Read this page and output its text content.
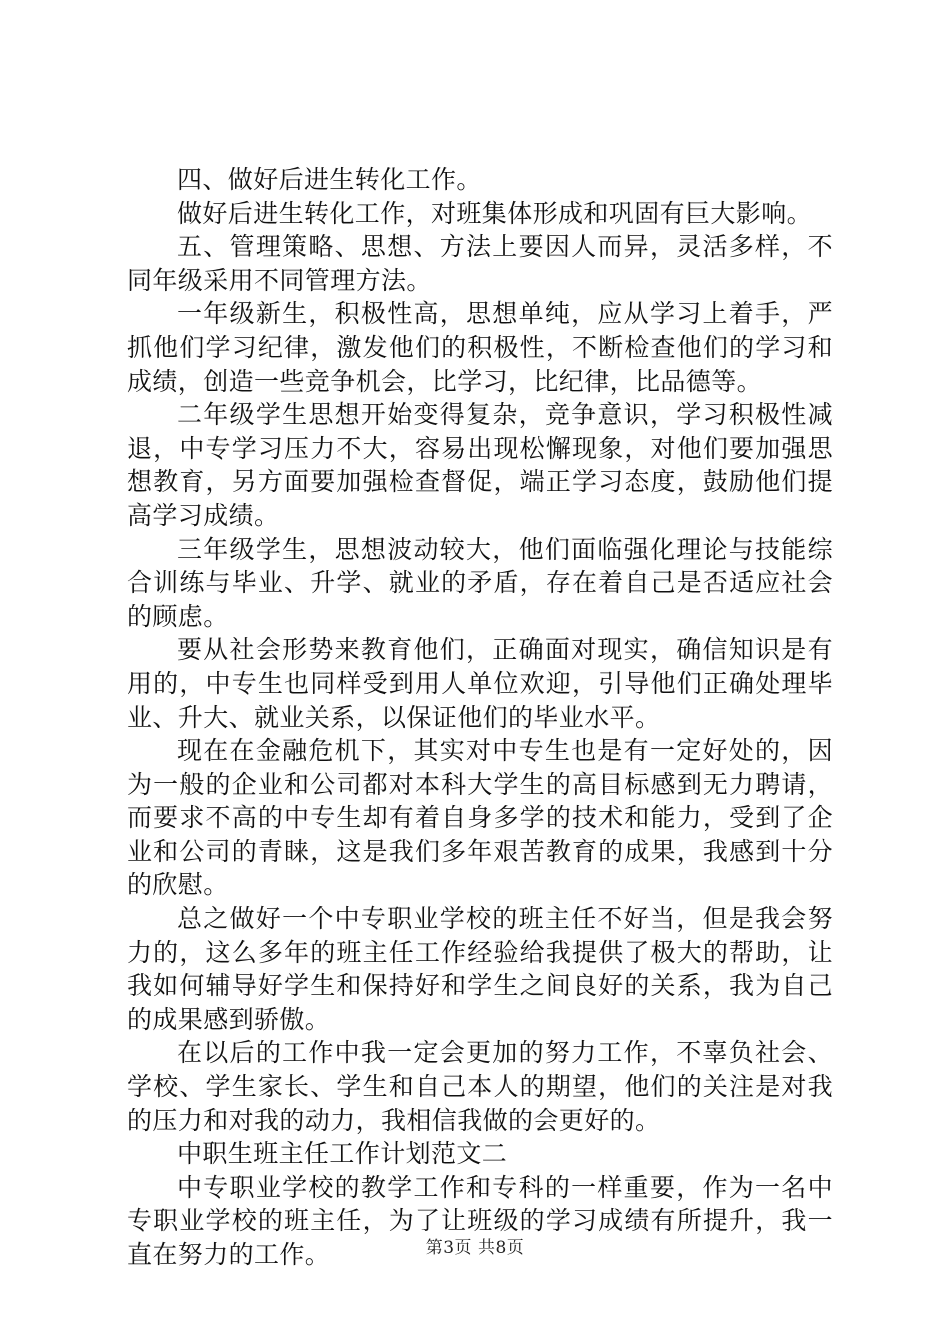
四、做好后进生转化工作。

做好后进生转化工作，对班集体形成和巩固有巨大影响。

五、管理策略、思想、方法上要因人而异，灵活多样，不同年级采用不同管理方法。

一年级新生，积极性高，思想单纯，应从学习上着手，严抓他们学习纪律，激发他们的积极性，不断检查他们的学习和成绩，创造一些竞争机会，比学习，比纪律，比品德等。

二年级学生思想开始变得复杂，竞争意识，学习积极性减退，中专学习压力不大，容易出现松懈现象，对他们要加强思想教育，另方面要加强检查督促，端正学习态度，鼓励他们提高学习成绩。

三年级学生，思想波动较大，他们面临强化理论与技能综合训练与毕业、升学、就业的矛盾，存在着自己是否适应社会的顾虑。

要从社会形势来教育他们，正确面对现实，确信知识是有用的，中专生也同样受到用人单位欢迎，引导他们正确处理毕业、升大、就业关系，以保证他们的毕业水平。

现在在金融危机下，其实对中专生也是有一定好处的，因为一般的企业和公司都对本科大学生的高目标感到无力聘请，而要求不高的中专生却有着自身多学的技术和能力，受到了企业和公司的青睐，这是我们多年艰苦教育的成果，我感到十分的欣慰。

总之做好一个中专职业学校的班主任不好当，但是我会努力的，这么多年的班主任工作经验给我提供了极大的帮助，让我如何辅导好学生和保持好和学生之间良好的关系，我为自己的成果感到骄傲。

在以后的工作中我一定会更加的努力工作，不辜负社会、学校、学生家长、学生和自己本人的期望，他们的关注是对我的压力和对我的动力，我相信我做的会更好的。

中职生班主任工作计划范文二

中专职业学校的教学工作和专科的一样重要，作为一名中专职业学校的班主任，为了让班级的学习成绩有所提升，我一直在努力的工作。	第3页 共8页
